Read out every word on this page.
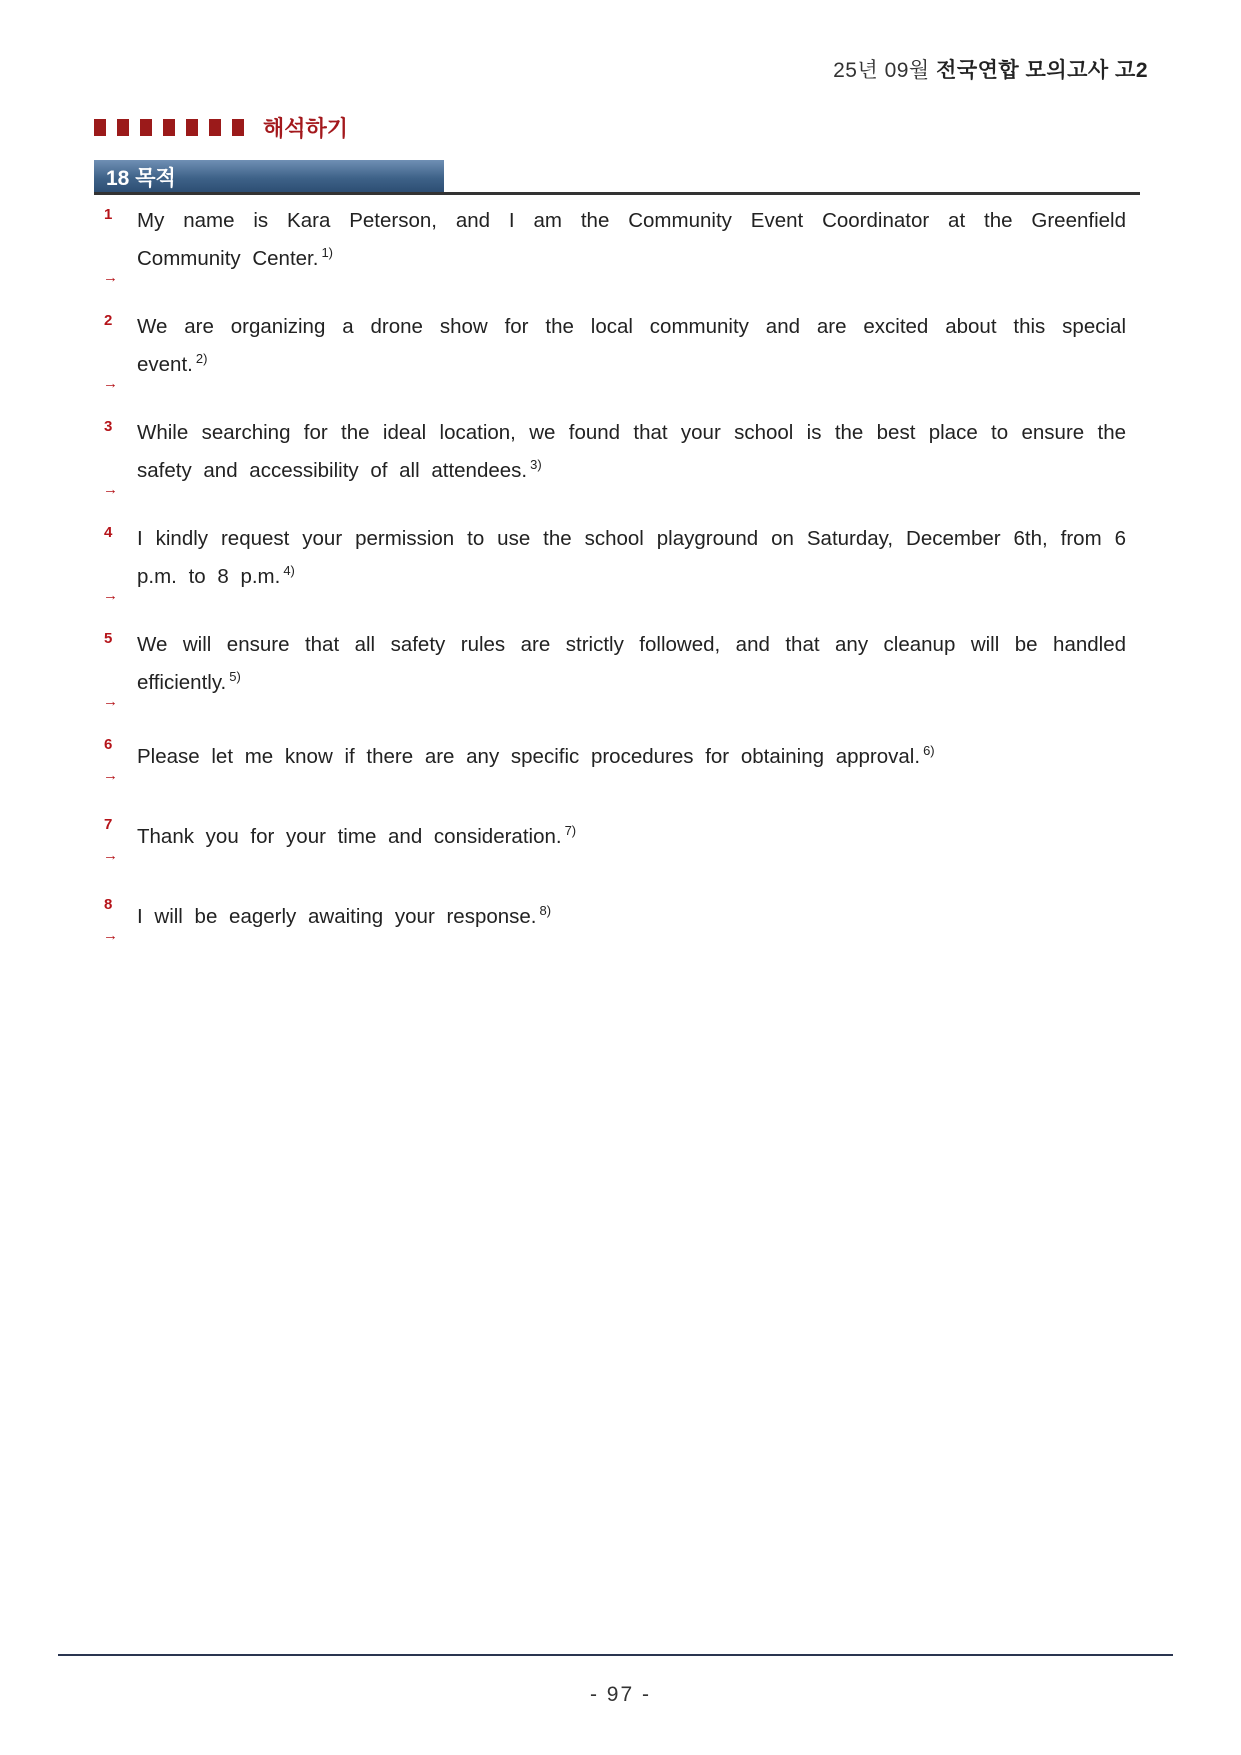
25년 09월 전국연합 모의고사 고2
해석하기
18 목적
1 My name is Kara Peterson, and I am the Community Event Coordinator at the Greenfield Community Center. $^{1)}$
→
2 We are organizing a drone show for the local community and are excited about this special event. $^{2)}$
→
3 While searching for the ideal location, we found that your school is the best place to ensure the safety and accessibility of all attendees. $^{3)}$
→
4 I kindly request your permission to use the school playground on Saturday, December 6th, from 6 p.m. to 8 p.m. $^{4)}$
→
5 We will ensure that all safety rules are strictly followed, and that any cleanup will be handled efficiently. $^{5)}$
→
6
Please let me know if there are any specific procedures for obtaining approval. $^{6)}$
→
7
Thank you for your time and consideration. $^{7)}$
→
8
I will be eagerly awaiting your response. $^{8)}$
→
- 97 -
